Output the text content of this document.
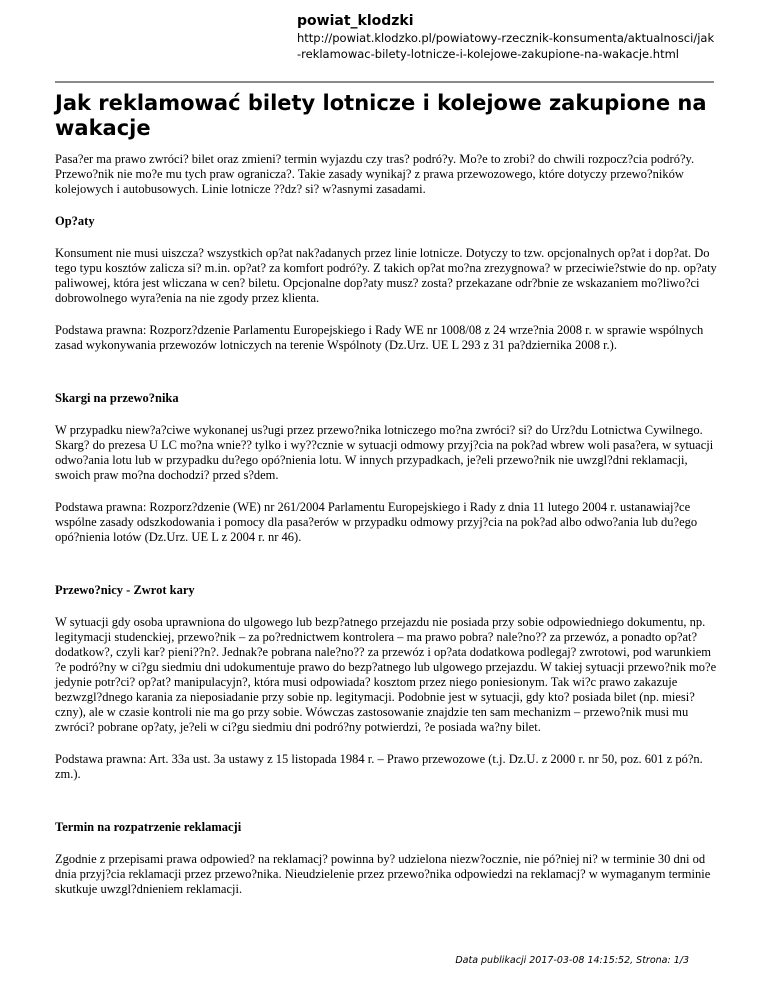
powiat_klodzki
http://powiat.klodzko.pl/powiatowy-rzecznik-konsumenta/aktualnosci/jak-reklamowac-bilety-lotnicze-i-kolejowe-zakupione-na-wakacje.html
Jak reklamować bilety lotnicze i kolejowe zakupione na wakacje

Pasa?er ma prawo zwróci? bilet oraz zmieni? termin wyjazdu czy tras? podró?y. Mo?e to zrobi? do chwili rozpocz?cia podró?y. Przewo?nik nie mo?e mu tych praw ogranicza?. Takie zasady wynikaj? z prawa przewozowego, które dotyczy przewo?ników kolejowych i autobusowych. Linie lotnicze ??dz? si? w?asnymi zasadami.

Op?aty

Konsument nie musi uiszcza? wszystkich op?at nak?adanych przez linie lotnicze. Dotyczy to tzw. opcjonalnych op?at i dop?at. Do tego typu kosztów zalicza si? m.in. op?at? za komfort podró?y. Z takich op?at mo?na zrezygnowa? w przeciwie?stwie do np. op?aty paliwowej, która jest wliczana w cen? biletu. Opcjonalne dop?aty musz? zosta? przekazane odr?bnie ze wskazaniem mo?liwo?ci dobrowolnego wyra?enia na nie zgody przez klienta.

Podstawa prawna: Rozporz?dzenie Parlamentu Europejskiego i Rady WE nr 1008/08 z 24 wrze?nia 2008 r. w sprawie wspólnych zasad wykonywania przewozów lotniczych na terenie Wspólnoty (Dz.Urz. UE L 293 z 31 pa?dziernika 2008 r.).

Skargi na przewo?nika

W przypadku niew?a?ciwe wykonanej us?ugi przez przewo?nika lotniczego mo?na zwróci? si? do Urz?du Lotnictwa Cywilnego. Skarg? do prezesa U LC mo?na wnie?? tylko i wy??cznie w sytuacji odmowy przyj?cia na pok?ad wbrew woli pasa?era, w sytuacji odwo?ania lotu lub w przypadku du?ego opó?nienia lotu. W innych przypadkach, je?eli przewo?nik nie uwzgl?dni reklamacji, swoich praw mo?na dochodzi? przed s?dem.

Podstawa prawna: Rozporz?dzenie (WE) nr 261/2004 Parlamentu Europejskiego i Rady z dnia 11 lutego 2004 r. ustanawiaj?ce wspólne zasady odszkodowania i pomocy dla pasa?erów w przypadku odmowy przyj?cia na pok?ad albo odwo?ania lub du?ego opó?nienia lotów (Dz.Urz. UE L z 2004 r. nr 46).

Przewo?nicy - Zwrot kary

W sytuacji gdy osoba uprawniona do ulgowego lub bezp?atnego przejazdu nie posiada przy sobie odpowiedniego dokumentu, np. legitymacji studenckiej, przewo?nik – za po?rednictwem kontrolera – ma prawo pobra? nale?no?? za przewóz, a ponadto op?at? dodatkow?, czyli kar? pieni??n?. Jednak?e pobrana nale?no?? za przewóz i op?ata dodatkowa podlegaj? zwrotowi, pod warunkiem ?e podró?ny w ci?gu siedmiu dni udokumentuje prawo do bezp?atnego lub ulgowego przejazdu. W takiej sytuacji przewo?nik mo?e jedynie potr?ci? op?at? manipulacyjn?, która musi odpowiada? kosztom przez niego poniesionym. Tak wi?c prawo zakazuje bezwzgl?dnego karania za nieposiadanie przy sobie np. legitymacji. Podobnie jest w sytuacji, gdy kto? posiada bilet (np. miesi?czny), ale w czasie kontroli nie ma go przy sobie. Wówczas zastosowanie znajdzie ten sam mechanizm – przewo?nik musi mu zwróci? pobrane op?aty, je?eli w ci?gu siedmiu dni podró?ny potwierdzi, ?e posiada wa?ny bilet.

Podstawa prawna: Art. 33a ust. 3a ustawy z 15 listopada 1984 r. – Prawo przewozowe (t.j. Dz.U. z 2000 r. nr 50, poz. 601 z pó?n. zm.).

Termin na rozpatrzenie reklamacji

Zgodnie z przepisami prawa odpowied? na reklamacj? powinna by? udzielona niezw?ocznie, nie pó?niej ni? w terminie 30 dni od dnia przyj?cia reklamacji przez przewo?nika. Nieudzielenie przez przewo?nika odpowiedzi na reklamacj? w wymaganym terminie skutkuje uwzgl?dnieniem reklamacji.

Data publikacji 2017-03-08 14:15:52, Strona: 1/3
